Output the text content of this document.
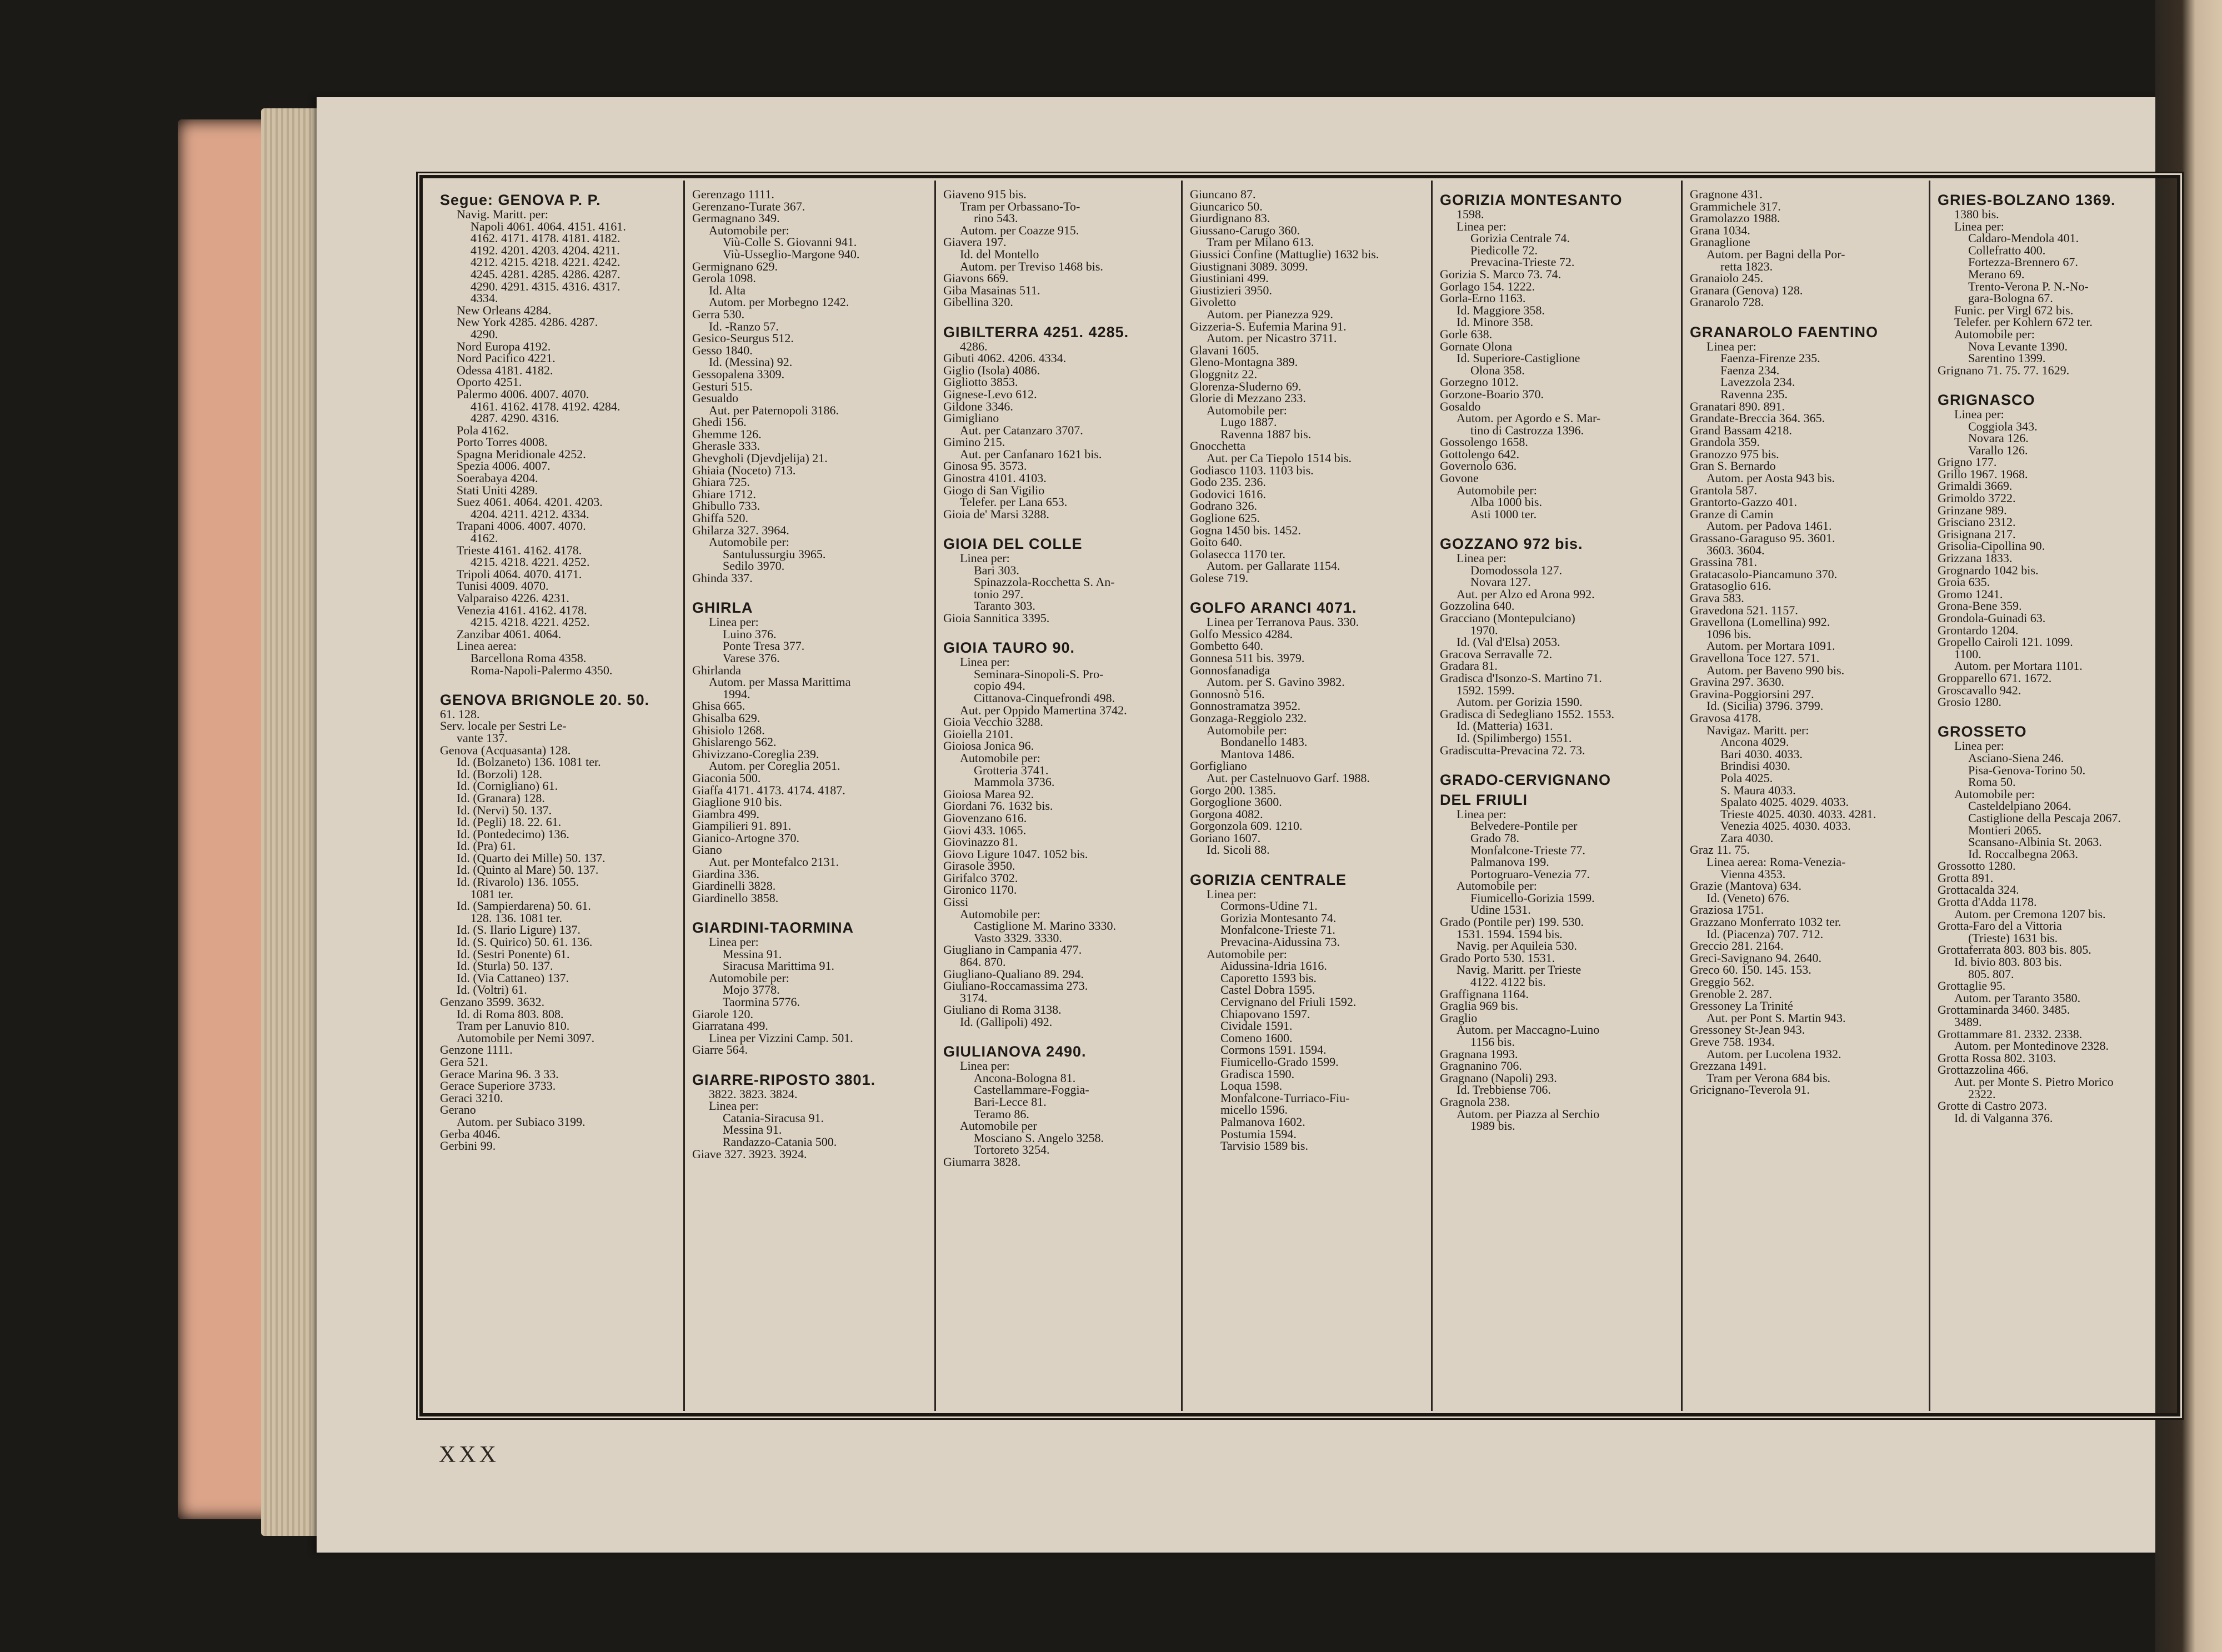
Segue: GENOVA P. P.
Navig. Maritt. per:
Napoli 4061. 4064. 4151. 4161.
4162. 4171. 4178. 4181. 4182.
4192. 4201. 4203. 4204. 4211.
4212. 4215. 4218. 4221. 4242.
4245. 4281. 4285. 4286. 4287.
4290. 4291. 4315. 4316. 4317.
4334.
New Orleans 4284.
New York 4285. 4286. 4287.
4290.
Nord Europa 4192.
Nord Pacifico 4221.
Odessa 4181. 4182.
Oporto 4251.
Palermo 4006. 4007. 4070.
4161. 4162. 4178. 4192. 4284.
4287. 4290. 4316.
Pola 4162.
Porto Torres 4008.
Spagna Meridionale 4252.
Spezia 4006. 4007.
Soerabaya 4204.
Stati Uniti 4289.
Suez 4061. 4064. 4201. 4203.
4204. 4211. 4212. 4334.
Trapani 4006. 4007. 4070.
4162.
Trieste 4161. 4162. 4178.
4215. 4218. 4221. 4252.
Tripoli 4064. 4070. 4171.
Tunisi 4009. 4070.
Valparaiso 4226. 4231.
Venezia 4161. 4162. 4178.
4215. 4218. 4221. 4252.
Zanzibar 4061. 4064.
Linea aerea:
Barcellona Roma 4358.
Roma-Napoli-Palermo 4350.

GENOVA BRIGNOLE 20. 50.
61. 128.
Serv. locale per Sestri Le-
vante 137.
Genova (Acquasanta) 128.
Id. (Bolzaneto) 136. 1081 ter.
Id. (Borzoli) 128.
Id. (Cornigliano) 61.
Id. (Granara) 128.
Id. (Nervi) 50. 137.
Id. (Pegli) 18. 22. 61.
Id. (Pontedecimo) 136.
Id. (Pra) 61.
Id. (Quarto dei Mille) 50. 137.
Id. (Quinto al Mare) 50. 137.
Id. (Rivarolo) 136. 1055.
1081 ter.
Id. (Sampierdarena) 50. 61.
128. 136. 1081 ter.
Id. (S. Ilario Ligure) 137.
Id. (S. Quirico) 50. 61. 136.
Id. (Sestri Ponente) 61.
Id. (Sturla) 50. 137.
Id. (Via Cattaneo) 137.
Id. (Voltri) 61.
Genzano 3599. 3632.
Id. di Roma 803. 808.
Tram per Lanuvio 810.
Automobile per Nemi 3097.
Genzone 1111.
Gera 521.
Gerace Marina 96. 3 33.
Gerace Superiore 3733.
Geraci 3210.
Gerano
Autom. per Subiaco 3199.
Gerba 4046.
Gerbini 99.
Gerenzago 1111.
Gerenzano-Turate 367.
Germagnano 349.
Automobile per:
Viù-Colle S. Giovanni 941.
Viù-Usseglio-Margone 940.
Germignano 629.
Gerola 1098.
Id. Alta
Autom. per Morbegno 1242.
Gerra 530.
Id. -Ranzo 57.
Gesico-Seurgus 512.
Gesso 1840.
Id. (Messina) 92.
Gessopalena 3309.
Gesturi 515.
Gesualdo
Aut. per Paternopoli 3186.
Ghedi 156.
Ghemme 126.
Gherasle 333.
Ghevgholi (Djevdjelija) 21.
Ghiaia (Noceto) 713.
Ghiara 725.
Ghiare 1712.
Ghibullo 733.
Ghiffa 520.
Ghilarza 327. 3964.
Automobile per:
Santulussurgiu 3965.
Sedilo 3970.
Ghinda 337.

GHIRLA
Linea per:
Luino 376.
Ponte Tresa 377.
Varese 376.
Ghirlanda
Autom. per Massa Marittima
1994.
Ghisa 665.
Ghisalba 629.
Ghisiolo 1268.
Ghislarengo 562.
Ghivizzano-Coreglia 239.
Autom. per Coreglia 2051.
Giaconia 500.
Giaffa 4171. 4173. 4174. 4187.
Giaglione 910 bis.
Giambra 499.
Giampilieri 91. 891.
Gianico-Artogne 370.
Giano
Aut. per Montefalco 2131.
Giardina 336.
Giardinelli 3828.
Giardinello 3858.

GIARDINI-TAORMINA
Linea per:
Messina 91.
Siracusa Marittima 91.
Automobile per:
Mojo 3778.
Taormina 5776.
Giarole 120.
Giarratana 499.
Linea per Vizzini Camp. 501.
Giarre 564.

GIARRE-RIPOSTO 3801.
3822. 3823. 3824.
Linea per:
Catania-Siracusa 91.
Messina 91.
Randazzo-Catania 500.
Giave 327. 3923. 3924.
Giaveno 915 bis.
Tram per Orbassano-To-
rino 543.
Autom. per Coazze 915.
Giavera 197.
Id. del Montello
Autom. per Treviso 1468 bis.
Giavons 669.
Giba Masainas 511.
Gibellina 320.

GIBILTERRA 4251. 4285.
4286.
Gibuti 4062. 4206. 4334.
Giglio (Isola) 4086.
Gigliotto 3853.
Gignese-Levo 612.
Gildone 3346.
Gimigliano
Aut. per Catanzaro 3707.
Gimino 215.
Aut. per Canfanaro 1621 bis.
Ginosa 95. 3573.
Ginostra 4101. 4103.
Giogo di San Vigilio
Telefer. per Lana 653.
Gioia de' Marsi 3288.

GIOIA DEL COLLE
Linea per:
Bari 303.
Spinazzola-Rocchetta S. An-
tonio 297.
Taranto 303.
Gioia Sannitica 3395.

GIOIA TAURO 90.
Linea per:
Seminara-Sinopoli-S. Pro-
copio 494.
Cittanova-Cinquefrondi 498.
Aut. per Oppido Mamertina 3742.
Gioia Vecchio 3288.
Gioiella 2101.
Gioiosa Jonica 96.
Automobile per:
Grotteria 3741.
Mammola 3736.
Gioiosa Marea 92.
Giordani 76. 1632 bis.
Giovenzano 616.
Giovi 433. 1065.
Giovinazzo 81.
Giovo Ligure 1047. 1052 bis.
Girasole 3950.
Girifalco 3702.
Gironico 1170.
Gissi
Automobile per:
Castiglione M. Marino 3330.
Vasto 3329. 3330.
Giugliano in Campania 477.
864. 870.
Giugliano-Qualiano 89. 294.
Giuliano-Roccamassima 273.
3174.
Giuliano di Roma 3138.
Id. (Gallipoli) 492.

GIULIANOVA 2490.
Linea per:
Ancona-Bologna 81.
Castellammare-Foggia-
Bari-Lecce 81.
Teramo 86.
Automobile per
Mosciano S. Angelo 3258.
Tortoreto 3254.
Giumarra 3828.
Giuncano 87.
Giuncarico 50.
Giurdignano 83.
Giussano-Carugo 360.
Tram per Milano 613.
Giussici Confine (Mattuglie) 1632 bis.
Giustignani 3089. 3099.
Giustiniani 499.
Giustizieri 3950.
Givoletto
Autom. per Pianezza 929.
Gizzeria-S. Eufemia Marina 91.
Autom. per Nicastro 3711.
Glavani 1605.
Gleno-Montagna 389.
Gloggnitz 22.
Glorenza-Sluderno 69.
Glorie di Mezzano 233.
Automobile per:
Lugo 1887.
Ravenna 1887 bis.
Gnocchetta
Aut. per Ca Tiepolo 1514 bis.
Godiasco 1103. 1103 bis.
Godo 235. 236.
Godovici 1616.
Godrano 326.
Goglione 625.
Gogna 1450 bis. 1452.
Goito 640.
Golasecca 1170 ter.
Autom. per Gallarate 1154.
Golese 719.

GOLFO ARANCI 4071.
Linea per Terranova Paus. 330.
Golfo Messico 4284.
Gombetto 640.
Gonnesa 511 bis. 3979.
Gonnosfanadiga
Autom. per S. Gavino 3982.
Gonnosnò 516.
Gonnostramatza 3952.
Gonzaga-Reggiolo 232.
Automobile per:
Bondanello 1483.
Mantova 1486.
Gorfigliano
Aut. per Castelnuovo Garf. 1988.
Gorgo 200. 1385.
Gorgoglione 3600.
Gorgona 4082.
Gorgonzola 609. 1210.
Goriano 1607.
Id. Sicoli 88.

GORIZIA CENTRALE
Linea per:
Cormons-Udine 71.
Gorizia Montesanto 74.
Monfalcone-Trieste 71.
Prevacina-Aidussina 73.
Automobile per:
Aidussina-Idria 1616.
Caporetto 1593 bis.
Castel Dobra 1595.
Cervignano del Friuli 1592.
Chiapovano 1597.
Cividale 1591.
Comeno 1600.
Cormons 1591. 1594.
Fiumicello-Grado 1599.
Gradisca 1590.
Loqua 1598.
Monfalcone-Turriaco-Fiu-
micello 1596.
Palmanova 1602.
Postumia 1594.
Tarvisio 1589 bis.
GORIZIA MONTESANTO
1598.
Linea per:
Gorizia Centrale 74.
Piedicolle 72.
Prevacina-Trieste 72.
Gorizia S. Marco 73. 74.
Gorlago 154. 1222.
Gorla-Erno 1163.
Id. Maggiore 358.
Id. Minore 358.
Gorle 638.
Gornate Olona
Id. Superiore-Castiglione
Olona 358.
Gorzegno 1012.
Gorzone-Boario 370.
Gosaldo
Autom. per Agordo e S. Mar-
tino di Castrozza 1396.
Gossolengo 1658.
Gottolengo 642.
Governolo 636.
Govone
Automobile per:
Alba 1000 bis.
Asti 1000 ter.

GOZZANO 972 bis.
Linea per:
Domodossola 127.
Novara 127.
Aut. per Alzo ed Arona 992.
Gozzolina 640.
Gracciano (Montepulciano)
1970.
Id. (Val d'Elsa) 2053.
Gracova Serravalle 72.
Gradara 81.
Gradisca d'Isonzo-S. Martino 71.
1592. 1599.
Autom. per Gorizia 1590.
Gradisca di Sedegliano 1552. 1553.
Id. (Matteria) 1631.
Id. (Spilimbergo) 1551.
Gradiscutta-Prevacina 72. 73.

GRADO-CERVIGNANO
DEL FRIULI
Linea per:
Belvedere-Pontile per
Grado 78.
Monfalcone-Trieste 77.
Palmanova 199.
Portogruaro-Venezia 77.
Automobile per:
Fiumicello-Gorizia 1599.
Udine 1531.
Grado (Pontile per) 199. 530.
1531. 1594. 1594 bis.
Navig. per Aquileia 530.
Grado Porto 530. 1531.
Navig. Maritt. per Trieste
4122. 4122 bis.
Graffignana 1164.
Graglia 969 bis.
Graglio
Autom. per Maccagno-Luino
1156 bis.
Gragnana 1993.
Gragnanino 706.
Gragnano (Napoli) 293.
Id. Trebbiense 706.
Gragnola 238.
Autom. per Piazza al Serchio
1989 bis.
Gragnone 431.
Grammichele 317.
Gramolazzo 1988.
Grana 1034.
Granaglione
Autom. per Bagni della Por-
retta 1823.
Granaiolo 245.
Granara (Genova) 128.
Granarolo 728.

GRANAROLO FAENTINO
Linea per:
Faenza-Firenze 235.
Faenza 234.
Lavezzola 234.
Ravenna 235.
Granatari 890. 891.
Grandate-Breccia 364. 365.
Grand Bassam 4218.
Grandola 359.
Granozzo 975 bis.
Gran S. Bernardo
Autom. per Aosta 943 bis.
Grantola 587.
Grantorto-Gazzo 401.
Granze di Camin
Autom. per Padova 1461.
Grassano-Garaguso 95. 3601.
3603. 3604.
Grassina 781.
Gratacasolo-Piancamuno 370.
Gratasoglio 616.
Grava 583.
Gravedona 521. 1157.
Gravellona (Lomellina) 992.
1096 bis.
Autom. per Mortara 1091.
Gravellona Toce 127. 571.
Autom. per Baveno 990 bis.
Gravina 297. 3630.
Gravina-Poggiorsini 297.
Id. (Sicilia) 3796. 3799.
Gravosa 4178.
Navigaz. Maritt. per:
Ancona 4029.
Bari 4030. 4033.
Brindisi 4030.
Pola 4025.
S. Maura 4033.
Spalato 4025. 4029. 4033.
Trieste 4025. 4030. 4033. 4281.
Venezia 4025. 4030. 4033.
Zara 4030.
Graz 11. 75.
Linea aerea: Roma-Venezia-
Vienna 4353.
Grazie (Mantova) 634.
Id. (Veneto) 676.
Graziosa 1751.
Grazzano Monferrato 1032 ter.
Id. (Piacenza) 707. 712.
Greccio 281. 2164.
Greci-Savignano 94. 2640.
Greco 60. 150. 145. 153.
Greggio 562.
Grenoble 2. 287.
Gressoney La Trinité
Aut. per Pont S. Martin 943.
Gressoney St-Jean 943.
Greve 758. 1934.
Autom. per Lucolena 1932.
Grezzana 1491.
Tram per Verona 684 bis.
Gricignano-Teverola 91.
GRIES-BOLZANO 1369.
1380 bis.
Linea per:
Caldaro-Mendola 401.
Collefratto 400.
Fortezza-Brennero 67.
Merano 69.
Trento-Verona P. N.-No-
gara-Bologna 67.
Funic. per Virgl 672 bis.
Telefer. per Kohlern 672 ter.
Automobile per:
Nova Levante 1390.
Sarentino 1399.
Grignano 71. 75. 77. 1629.

GRIGNASCO
Linea per:
Coggiola 343.
Novara 126.
Varallo 126.
Grigno 177.
Grillo 1967. 1968.
Grimaldi 3669.
Grimoldo 3722.
Grinzane 989.
Grisciano 2312.
Grisignana 217.
Grisolia-Cipollina 90.
Grizzana 1833.
Grognardo 1042 bis.
Groia 635.
Gromo 1241.
Grona-Bene 359.
Grondola-Guinadi 63.
Grontardo 1204.
Gropello Cairoli 121. 1099.
1100.
Autom. per Mortara 1101.
Gropparello 671. 1672.
Groscavallo 942.
Grosio 1280.

GROSSETO
Linea per:
Asciano-Siena 246.
Pisa-Genova-Torino 50.
Roma 50.
Automobile per:
Casteldelpiano 2064.
Castiglione della Pescaja 2067.
Montieri 2065.
Scansano-Albinia St. 2063.
Id. Roccalbegna 2063.
Grossotto 1280.
Grotta 891.
Grottacalda 324.
Grotta d'Adda 1178.
Autom. per Cremona 1207 bis.
Grotta-Faro del a Vittoria
(Trieste) 1631 bis.
Grottaferrata 803. 803 bis. 805.
Id. bivio 803. 803 bis.
805. 807.
Grottaglie 95.
Autom. per Taranto 3580.
Grottaminarda 3460. 3485.
3489.
Grottammare 81. 2332. 2338.
Autom. per Montedinove 2328.
Grotta Rossa 802. 3103.
Grottazzolina 466.
Aut. per Monte S. Pietro Morico
2322.
Grotte di Castro 2073.
Id. di Valganna 376.
XXX
